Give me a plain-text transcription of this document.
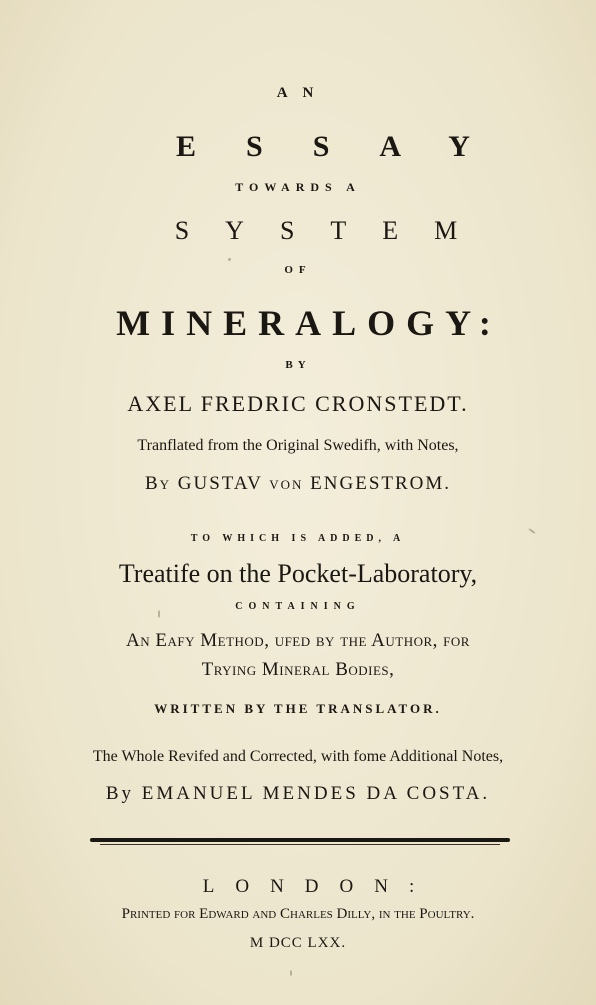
A N
ESSAY
TOWARDS A
SYSTEM
OF
MINERALOGY:
BY
AXEL FREDRIC CRONSTEDT.
Tranflated from the Original Swedifh, with Notes,
By GUSTAV von ENGESTROM.
TO WHICH IS ADDED, A
Treatife on the Pocket-Laboratory,
CONTAINING
An Eafy Method, ufed by the Author, for
Trying Mineral Bodies,
WRITTEN BY THE TRANSLATOR.
The Whole Revifed and Corrected, with fome Additional Notes,
By EMANUEL MENDES DA COSTA.
LONDON:
Printed for Edward and Charles Dilly, in the Poultry.
M DCC LXX.
